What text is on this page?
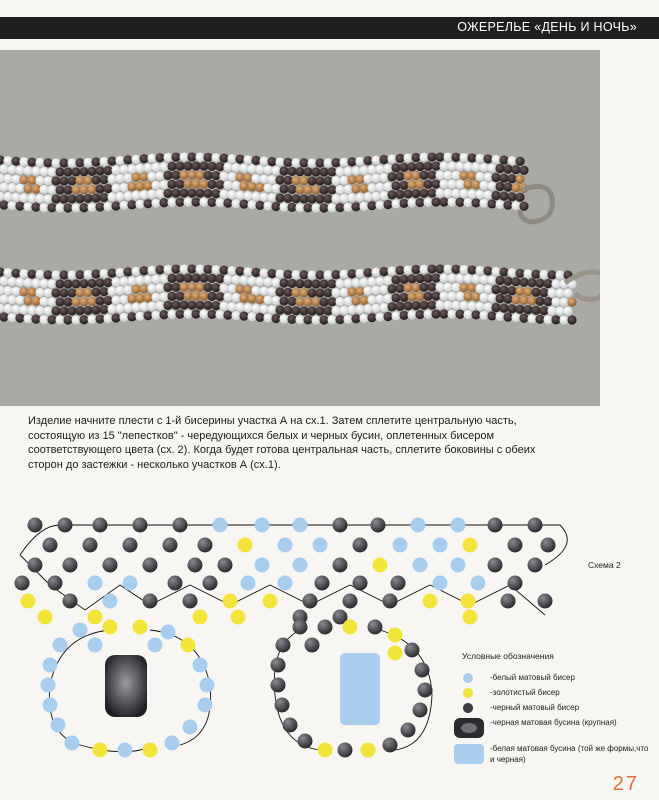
ОЖЕРЕЛЬЕ «ДЕНЬ И НОЧЬ»

Изделие начните плести с 1-й бисерины участка А на сх.1. Затем сплетите центральную часть,

состоящую из 15 "лепестков" - чередующихся белых и черных бусин, оплетенных бисером

соответствующего цвета (сх. 2). Когда будет готова центральная часть, сплетите боковины с обеих

сторон до застежки - несколько участков А (сх.1).

Схема 2
Условные обозначения
-белый матовый бисер
-золотистый бисер
-черный матовый бисер
-черная матовая бусина (крупная)
-белая матовая бусина (той же формы,что и черная)
27
